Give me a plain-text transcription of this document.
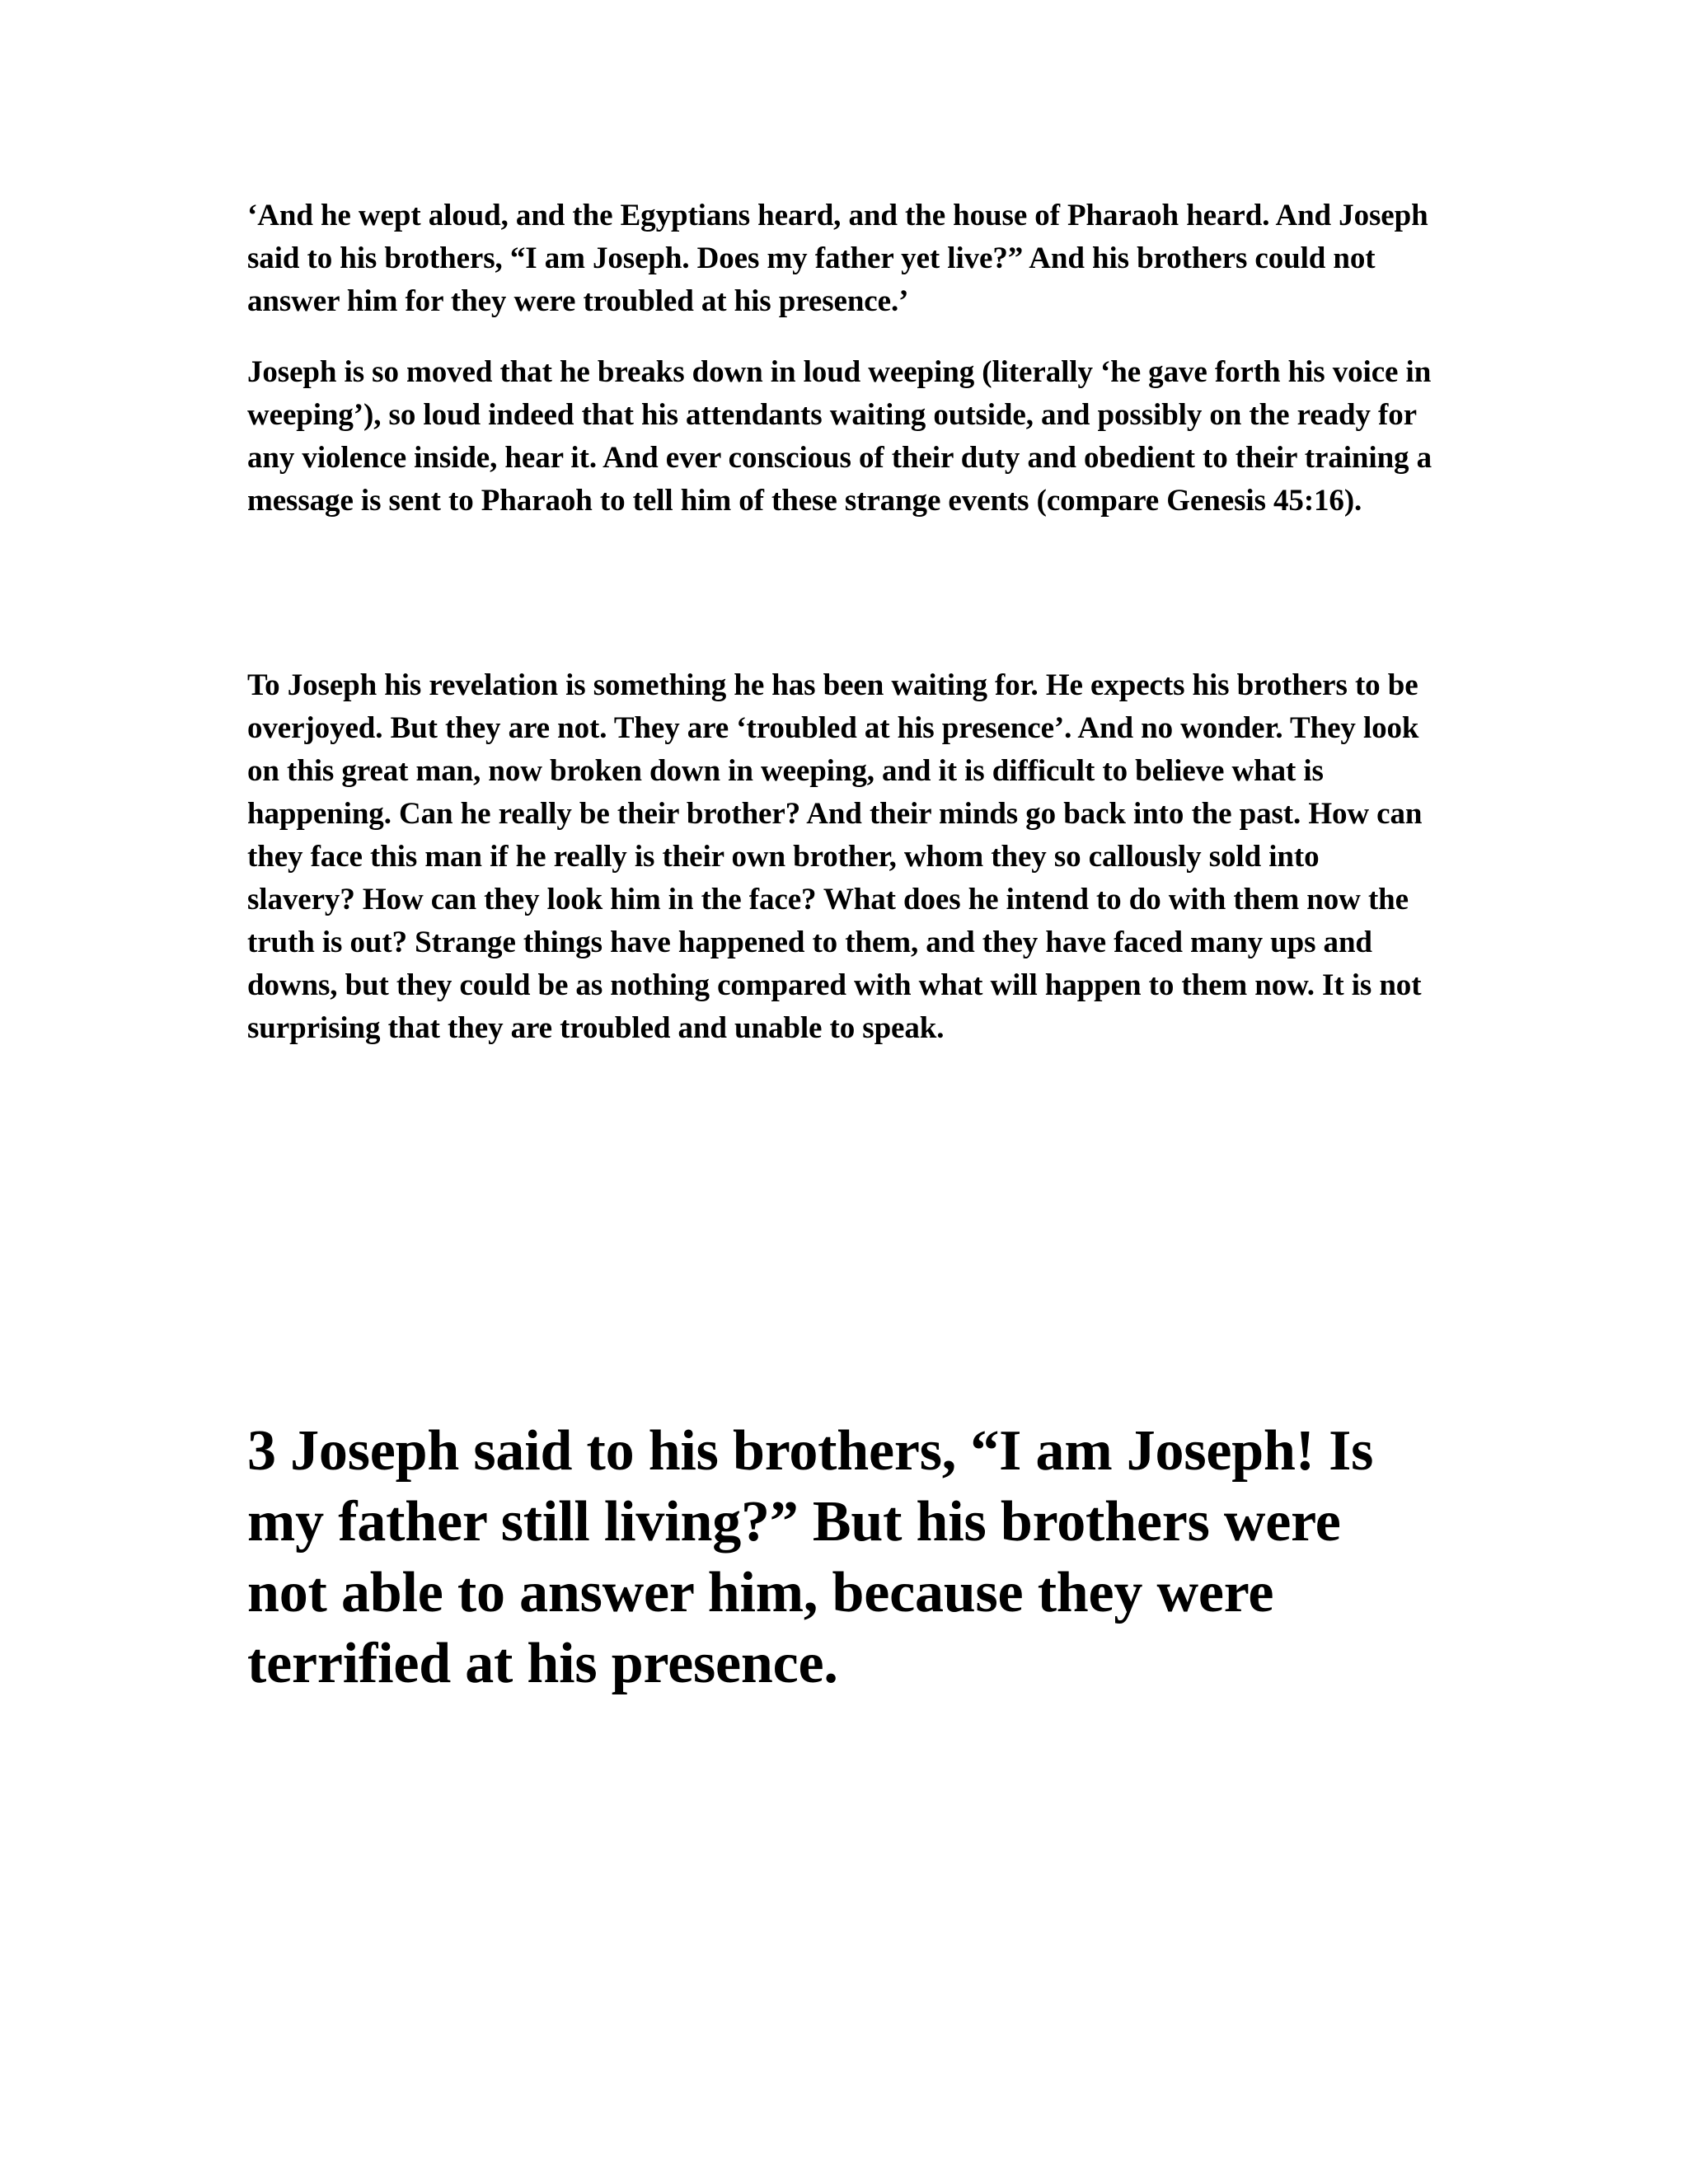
‘And he wept aloud, and the Egyptians heard, and the house of Pharaoh heard. And Joseph said to his brothers, “I am Joseph. Does my father yet live?” And his brothers could not answer him for they were troubled at his presence.’

Joseph is so moved that he breaks down in loud weeping (literally ‘he gave forth his voice in weeping’), so loud indeed that his attendants waiting outside, and possibly on the ready for any violence inside, hear it. And ever conscious of their duty and obedient to their training a message is sent to Pharaoh to tell him of these strange events (compare Genesis 45:16).

To Joseph his revelation is something he has been waiting for. He expects his brothers to be overjoyed. But they are not. They are ‘troubled at his presence’. And no wonder. They look on this great man, now broken down in weeping, and it is difficult to believe what is happening. Can he really be their brother? And their minds go back into the past. How can they face this man if he really is their own brother, whom they so callously sold into slavery? How can they look him in the face? What does he intend to do with them now the truth is out? Strange things have happened to them, and they have faced many ups and downs, but they could be as nothing compared with what will happen to them now. It is not surprising that they are troubled and unable to speak.

3 Joseph said to his brothers, “I am Joseph! Is my father still living?” But his brothers were not able to answer him, because they were terrified at his presence.
